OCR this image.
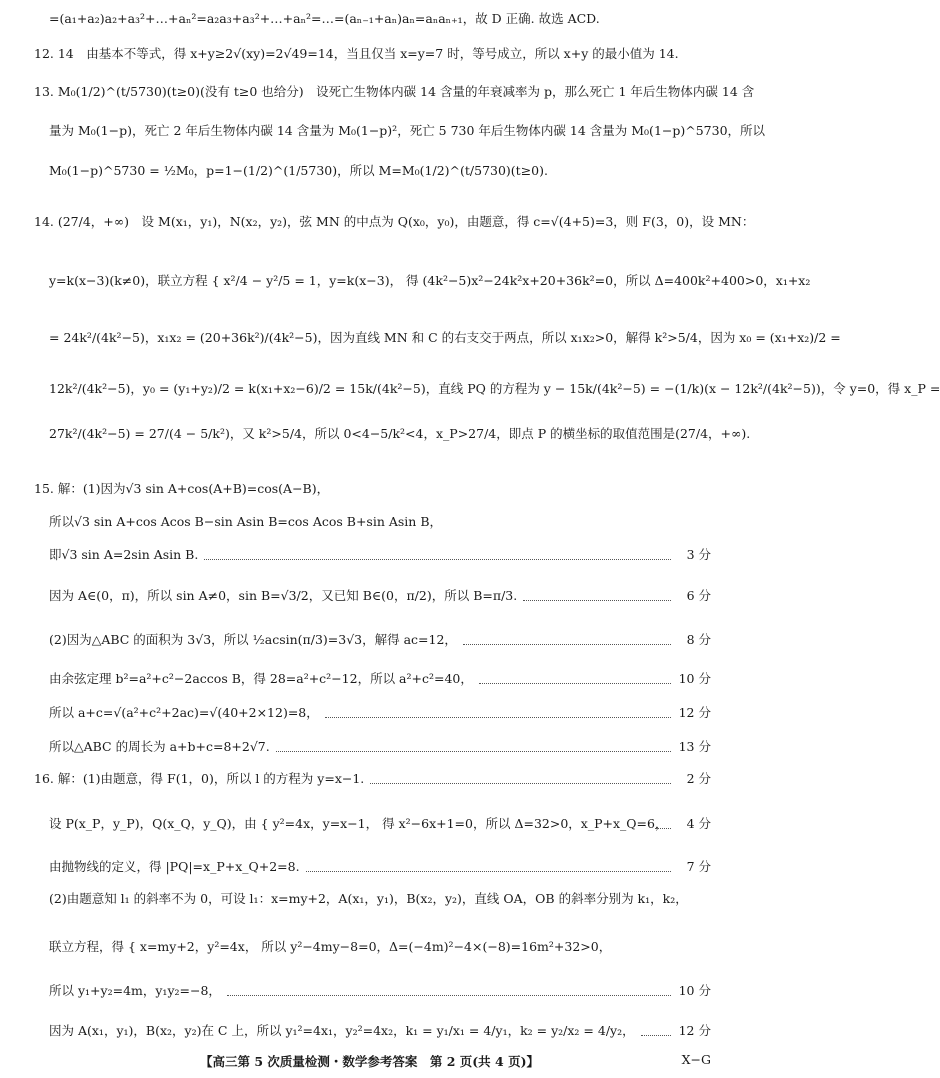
=(a₁+a₂)a₂+a₃²+…+aₙ²=a₂a₃+a₃²+…+aₙ²=…=(aₙ₋₁+aₙ)aₙ=aₙaₙ₊₁，故 D 正确. 故选 ACD.
12. 14　由基本不等式，得 x+y≥2√(xy)=2√49=14，当且仅当 x=y=7 时，等号成立，所以 x+y 的最小值为 14.
13. M₀(1/2)^(t/5730)(t≥0)(没有 t≥0 也给分)　设死亡生物体内碳 14 含量的年衰减率为 p，那么死亡 1 年后生物体内碳 14 含
量为 M₀(1−p)，死亡 2 年后生物体内碳 14 含量为 M₀(1−p)²，死亡 5 730 年后生物体内碳 14 含量为 M₀(1−p)^5730，所以
M₀(1−p)^5730 = ½M₀，p=1−(1/2)^(1/5730)，所以 M=M₀(1/2)^(t/5730)(t≥0).
14. (27/4，+∞)　设 M(x₁，y₁)，N(x₂，y₂)，弦 MN 的中点为 Q(x₀，y₀)，由题意，得 c=√(4+5)=3，则 F(3，0)，设 MN：
y=k(x−3)(k≠0)，联立方程 { x²/4 − y²/5 = 1，y=k(x−3)， 得 (4k²−5)x²−24k²x+20+36k²=0，所以 Δ=400k²+400>0，x₁+x₂
= 24k²/(4k²−5)，x₁x₂ = (20+36k²)/(4k²−5)，因为直线 MN 和 C 的右支交于两点，所以 x₁x₂>0，解得 k²>5/4，因为 x₀ = (x₁+x₂)/2 =
12k²/(4k²−5)，y₀ = (y₁+y₂)/2 = k(x₁+x₂−6)/2 = 15k/(4k²−5)，直线 PQ 的方程为 y − 15k/(4k²−5) = −(1/k)(x − 12k²/(4k²−5))，令 y=0，得 x_P =
27k²/(4k²−5) = 27/(4 − 5/k²)，又 k²>5/4，所以 0<4−5/k²<4，x_P>27/4，即点 P 的横坐标的取值范围是(27/4，+∞).
15. 解：(1)因为√3 sin A+cos(A+B)=cos(A−B)，
所以√3 sin A+cos Acos B−sin Asin B=cos Acos B+sin Asin B，
即√3 sin A=2sin Asin B.	3 分
因为 A∈(0，π)，所以 sin A≠0，sin B=√3/2，又已知 B∈(0，π/2)，所以 B=π/3.	6 分
(2)因为△ABC 的面积为 3√3，所以 ½acsin(π/3)=3√3，解得 ac=12，	8 分
由余弦定理 b²=a²+c²−2accos B，得 28=a²+c²−12，所以 a²+c²=40，	10 分
所以 a+c=√(a²+c²+2ac)=√(40+2×12)=8，	12 分
所以△ABC 的周长为 a+b+c=8+2√7.	13 分
16. 解：(1)由题意，得 F(1，0)，所以 l 的方程为 y=x−1.	2 分
设 P(x_P，y_P)，Q(x_Q，y_Q)，由 { y²=4x，y=x−1， 得 x²−6x+1=0，所以 Δ=32>0，x_P+x_Q=6， 4 分
由抛物线的定义，得 |PQ|=x_P+x_Q+2=8.	7 分
(2)由题意知 l₁ 的斜率不为 0，可设 l₁：x=my+2，A(x₁，y₁)，B(x₂，y₂)，直线 OA，OB 的斜率分别为 k₁，k₂，
联立方程，得 { x=my+2，y²=4x， 所以 y²−4my−8=0，Δ=(−4m)²−4×(−8)=16m²+32>0，
所以 y₁+y₂=4m，y₁y₂=−8，	10 分
因为 A(x₁，y₁)，B(x₂，y₂)在 C 上，所以 y₁²=4x₁，y₂²=4x₂，k₁ = y₁/x₁ = 4/y₁，k₂ = y₂/x₂ = 4/y₂，	12 分
【高三第 5 次质量检测・数学参考答案　第 2 页(共 4 页)】	X−G
